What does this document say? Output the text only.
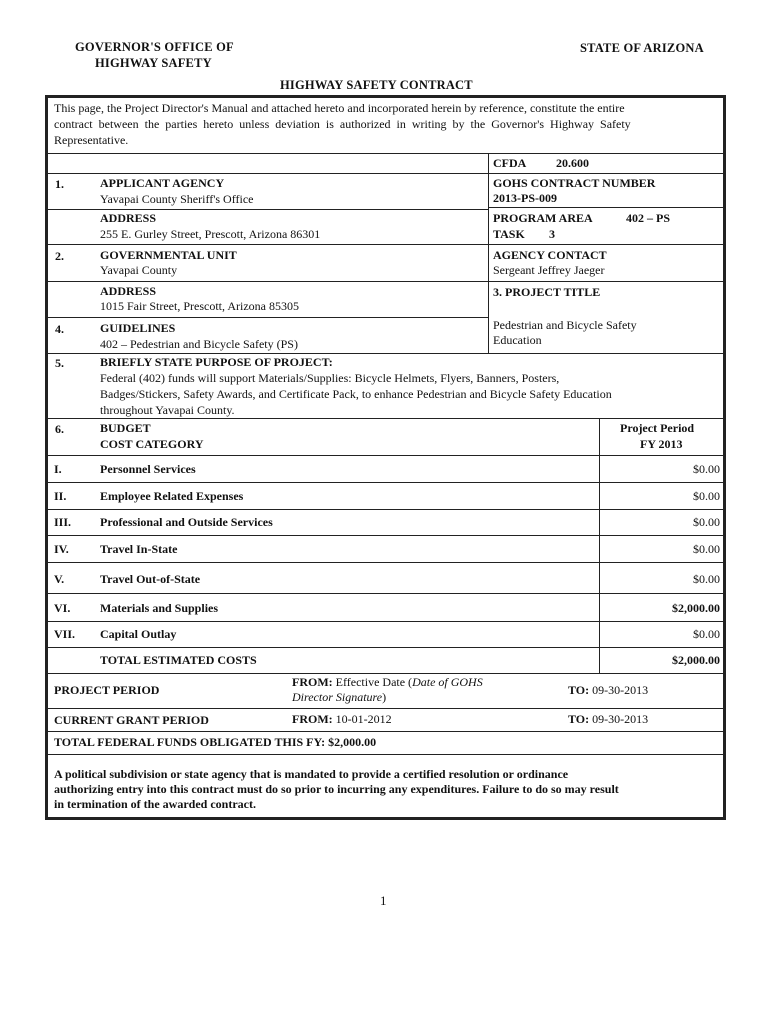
GOVERNOR'S OFFICE OF
HIGHWAY SAFETY
STATE OF ARIZONA
HIGHWAY SAFETY CONTRACT
This page, the Project Director's Manual and attached hereto and incorporated herein by reference, constitute the entire
contract between the parties hereto unless deviation is authorized in writing by the Governor's Highway Safety
Representative.
1.	APPLICANT AGENCY
Yavapai County Sheriff's Office
ADDRESS
255 E. Gurley Street, Prescott, Arizona 86301
CFDA 20.600
GOHS CONTRACT NUMBER
2013-PS-009
PROGRAM AREA	402 – PS
TASK 3
2.	GOVERNMENTAL UNIT
Yavapai County
ADDRESS
1015 Fair Street, Prescott, Arizona 85305
AGENCY CONTACT
Sergeant Jeffrey Jaeger
3. PROJECT TITLE
Pedestrian and Bicycle Safety
Education
4.	GUIDELINES
402 – Pedestrian and Bicycle Safety (PS)
5.	BRIEFLY STATE PURPOSE OF PROJECT:
Federal (402) funds will support Materials/Supplies: Bicycle Helmets, Flyers, Banners, Posters,
Badges/Stickers, Safety Awards, and Certificate Pack, to enhance Pedestrian and Bicycle Safety Education
throughout Yavapai County.
6.	BUDGET
COST CATEGORY
Project Period
FY 2013
I.	Personnel Services	$0.00
II.	Employee Related Expenses	$0.00
III. Professional and Outside Services	$0.00
IV.	Travel In-State	$0.00
V.	Travel Out-of-State	$0.00
VI. Materials and Supplies	$2,000.00
VII. Capital Outlay	$0.00
TOTAL ESTIMATED COSTS	$2,000.00
PROJECT PERIOD
FROM: Effective Date (Date of GOHS
Director Signature)	TO: 09-30-2013
CURRENT GRANT PERIOD	FROM: 10-01-2012	TO: 09-30-2013
TOTAL FEDERAL FUNDS OBLIGATED THIS FY: $2,000.00
A political subdivision or state agency that is mandated to provide a certified resolution or ordinance
authorizing entry into this contract must do so prior to incurring any expenditures. Failure to do so may result
in termination of the awarded contract.
1
